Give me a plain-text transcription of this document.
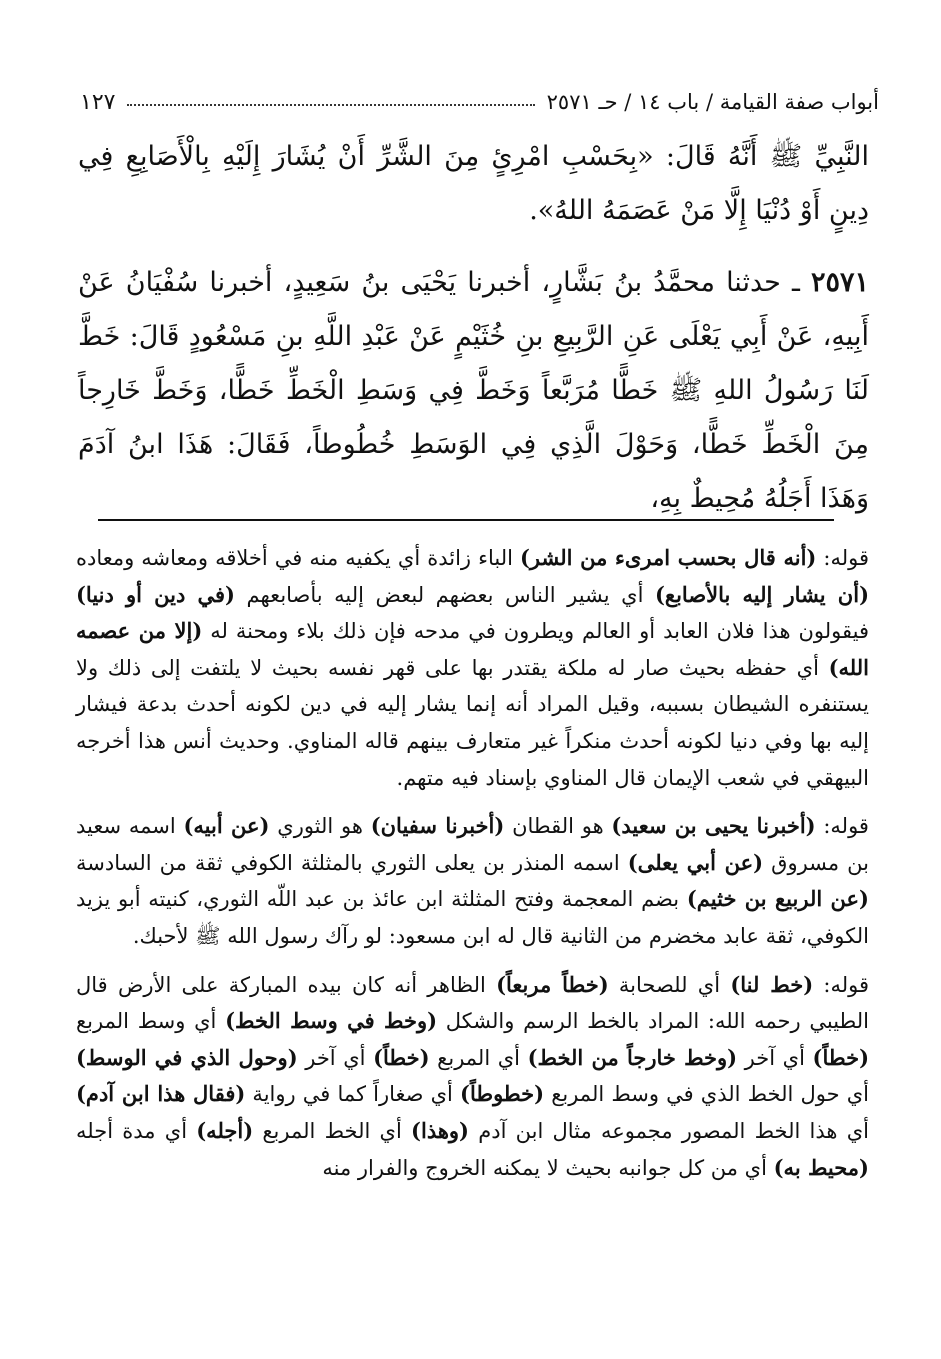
أبواب صفة القيامة / باب ١٤ / حـ ٢٥٧١
١٢٧

النَّبِيِّ ﷺ أَنَّهُ قَالَ: «بِحَسْبِ امْرِئٍ مِنَ الشَّرِّ أَنْ يُشَارَ إِلَيْهِ بِالْأَصَابِعِ فِي دِينٍ أَوْ دُنْيَا إِلَّا مَنْ عَصَمَهُ اللهُ».

٢٥٧١ ـ حدثنا محمَّدُ بنُ بَشَّارٍ، أخبرنا يَحْيَى بنُ سَعِيدٍ، أخبرنا سُفْيَانُ عَنْ أَبِيهِ، عَنْ أَبِي يَعْلَى عَنِ الرَّبِيعِ بنِ خُثَيْمٍ عَنْ عَبْدِ اللَّهِ بنِ مَسْعُودٍ قَالَ: خَطَّ لَنَا رَسُولُ اللهِ ﷺ خَطًّا مُرَبَّعاً وَخَطَّ فِي وَسَطِ الْخَطِّ خَطًّا، وَخَطَّ خَارِجاً مِنَ الْخَطِّ خَطًّا، وَحَوْلَ الَّذِي فِي الوَسَطِ خُطُوطاً، فَقَالَ: هَذَا ابنُ آدَمَ وَهَذَا أَجَلُهُ مُحِيطٌ بِهِ،

قوله: (أنه قال بحسب امرىء من الشر) الباء زائدة أي يكفيه منه في أخلاقه ومعاشه ومعاده (أن يشار إليه بالأصابع) أي يشير الناس بعضهم لبعض إليه بأصابعهم (في دين أو دنيا) فيقولون هذا فلان العابد أو العالم ويطرون في مدحه فإن ذلك بلاء ومحنة له (إلا من عصمه الله) أي حفظه بحيث صار له ملكة يقتدر بها على قهر نفسه بحيث لا يلتفت إلى ذلك ولا يستنفره الشيطان بسببه، وقيل المراد أنه إنما يشار إليه في دين لكونه أحدث بدعة فيشار إليه بها وفي دنيا لكونه أحدث منكراً غير متعارف بينهم قاله المناوي. وحديث أنس هذا أخرجه البيهقي في شعب الإيمان قال المناوي بإسناد فيه متهم.

قوله: (أخبرنا يحيى بن سعيد) هو القطان (أخبرنا سفيان) هو الثوري (عن أبيه) اسمه سعيد بن مسروق (عن أبي يعلى) اسمه المنذر بن يعلى الثوري بالمثلثة الكوفي ثقة من السادسة (عن الربيع بن خثيم) بضم المعجمة وفتح المثلثة ابن عائذ بن عبد اللّه الثوري، كنيته أبو يزيد الكوفي، ثقة عابد مخضرم من الثانية قال له ابن مسعود: لو رآك رسول الله ﷺ لأحبك.

قوله: (خط لنا) أي للصحابة (خطاً مربعاً) الظاهر أنه كان بيده المباركة على الأرض قال الطيبي رحمه الله: المراد بالخط الرسم والشكل (وخط في وسط الخط) أي وسط المربع (خطاً) أي آخر (وخط خارجاً من الخط) أي المربع (خطاً) أي آخر (وحول الذي في الوسط) أي حول الخط الذي في وسط المربع (خطوطاً) أي صغاراً كما في رواية (فقال هذا ابن آدم) أي هذا الخط المصور مجموعه مثال ابن آدم (وهذا) أي الخط المربع (أجله) أي مدة أجله (محيط به) أي من كل جوانبه بحيث لا يمكنه الخروج والفرار منه
